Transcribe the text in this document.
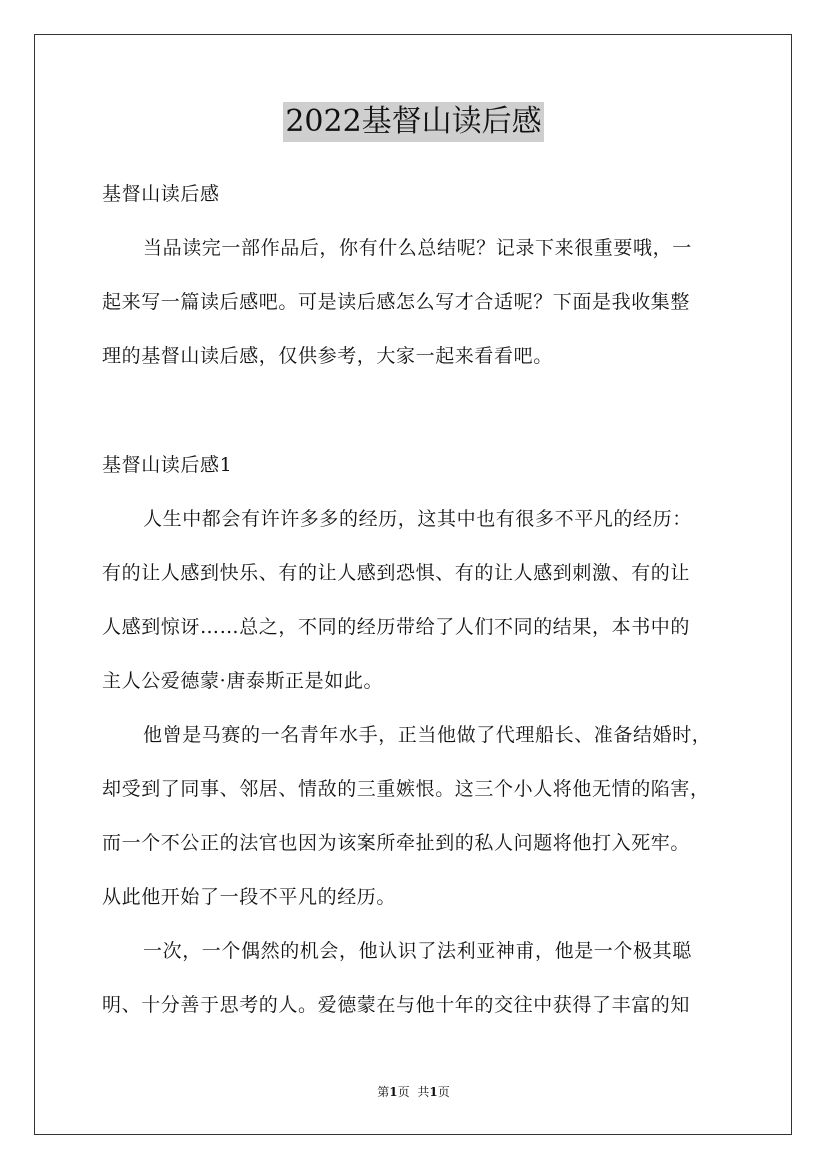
2022基督山读后感
基督山读后感
当品读完一部作品后，你有什么总结呢？记录下来很重要哦，一
起来写一篇读后感吧。可是读后感怎么写才合适呢？下面是我收集整
理的基督山读后感，仅供参考，大家一起来看看吧。
基督山读后感1
人生中都会有许许多多的经历，这其中也有很多不平凡的经历：
有的让人感到快乐、有的让人感到恐惧、有的让人感到刺激、有的让
人感到惊讶……总之，不同的经历带给了人们不同的结果，本书中的
主人公爱德蒙·唐泰斯正是如此。
他曾是马赛的一名青年水手，正当他做了代理船长、准备结婚时，
却受到了同事、邻居、情敌的三重嫉恨。这三个小人将他无情的陷害，
而一个不公正的法官也因为该案所牵扯到的私人问题将他打入死牢。
从此他开始了一段不平凡的经历。
一次，一个偶然的机会，他认识了法利亚神甫，他是一个极其聪
明、十分善于思考的人。爱德蒙在与他十年的交往中获得了丰富的知
第1页 共1页
